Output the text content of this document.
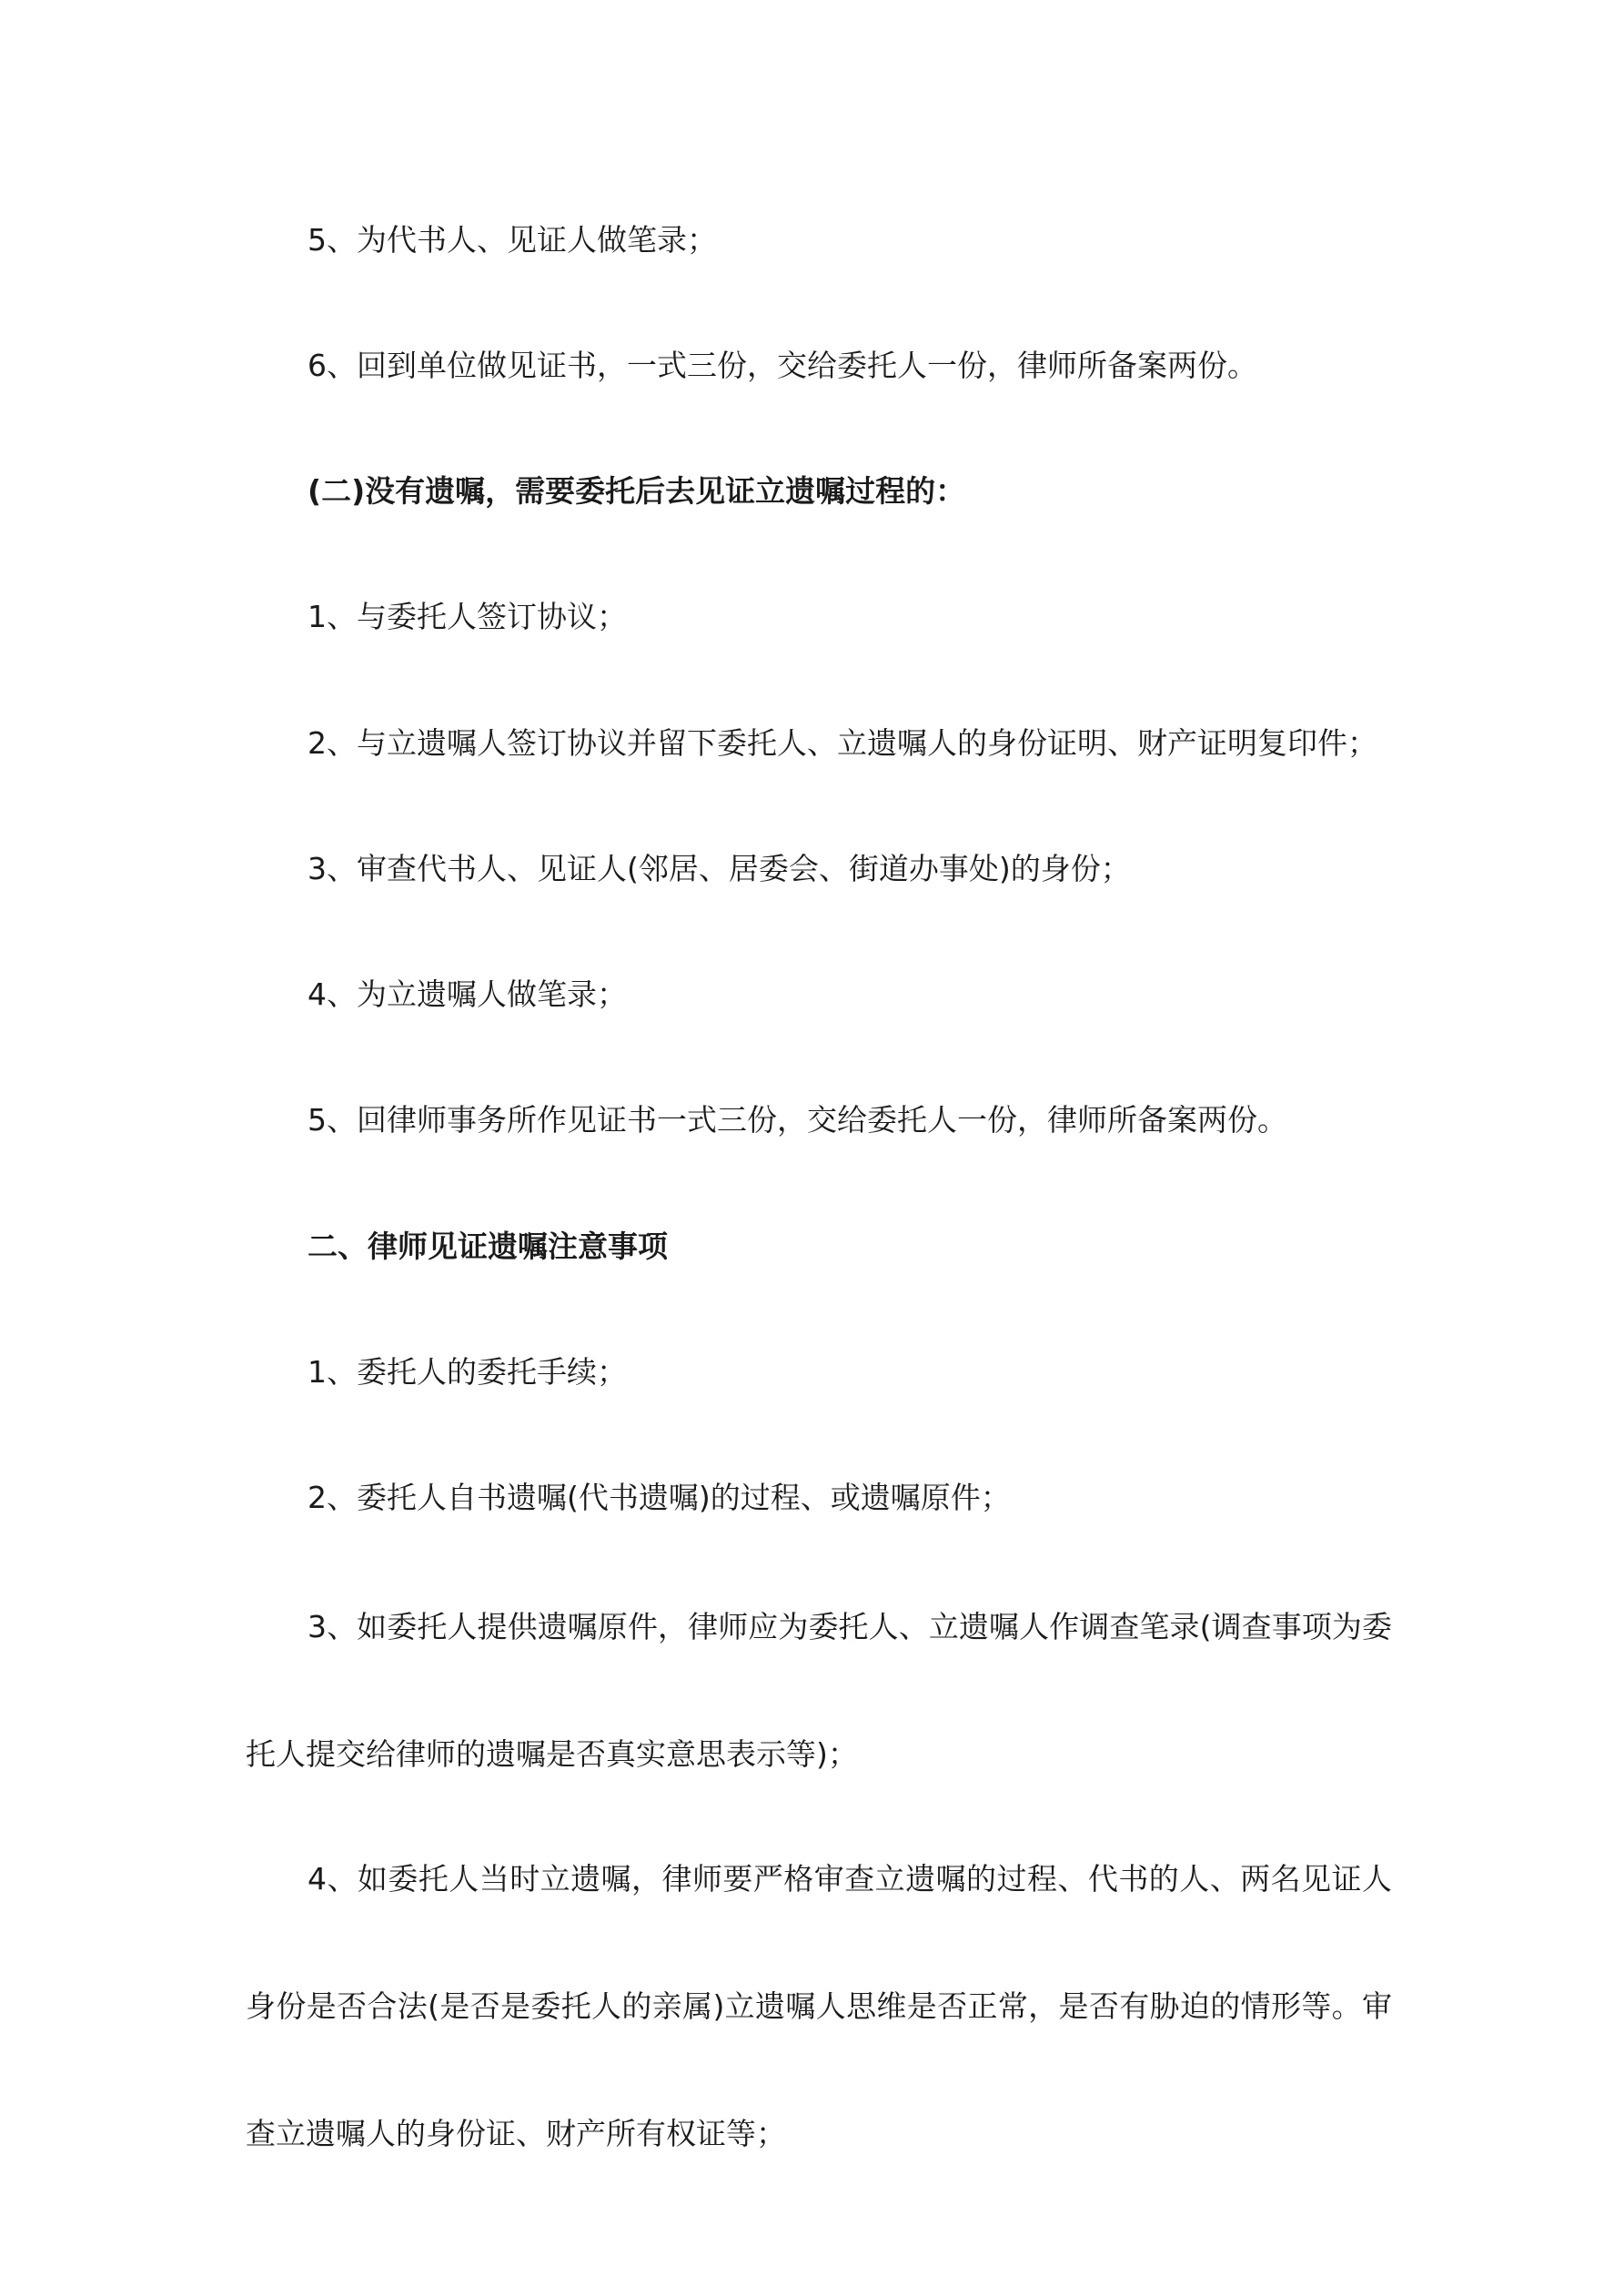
5、为代书人、见证人做笔录；

6、回到单位做见证书，一式三份，交给委托人一份，律师所备案两份。

(二)没有遗嘱，需要委托后去见证立遗嘱过程的：

1、与委托人签订协议；

2、与立遗嘱人签订协议并留下委托人、立遗嘱人的身份证明、财产证明复印件；

3、审查代书人、见证人(邻居、居委会、街道办事处)的身份；

4、为立遗嘱人做笔录；

5、回律师事务所作见证书一式三份，交给委托人一份，律师所备案两份。

二、律师见证遗嘱注意事项

1、委托人的委托手续；

2、委托人自书遗嘱(代书遗嘱)的过程、或遗嘱原件；

3、如委托人提供遗嘱原件，律师应为委托人、立遗嘱人作调查笔录(调查事项为委托人提交给律师的遗嘱是否真实意思表示等)；

4、如委托人当时立遗嘱，律师要严格审查立遗嘱的过程、代书的人、两名见证人身份是否合法(是否是委托人的亲属)立遗嘱人思维是否正常，是否有胁迫的情形等。审查立遗嘱人的身份证、财产所有权证等；
